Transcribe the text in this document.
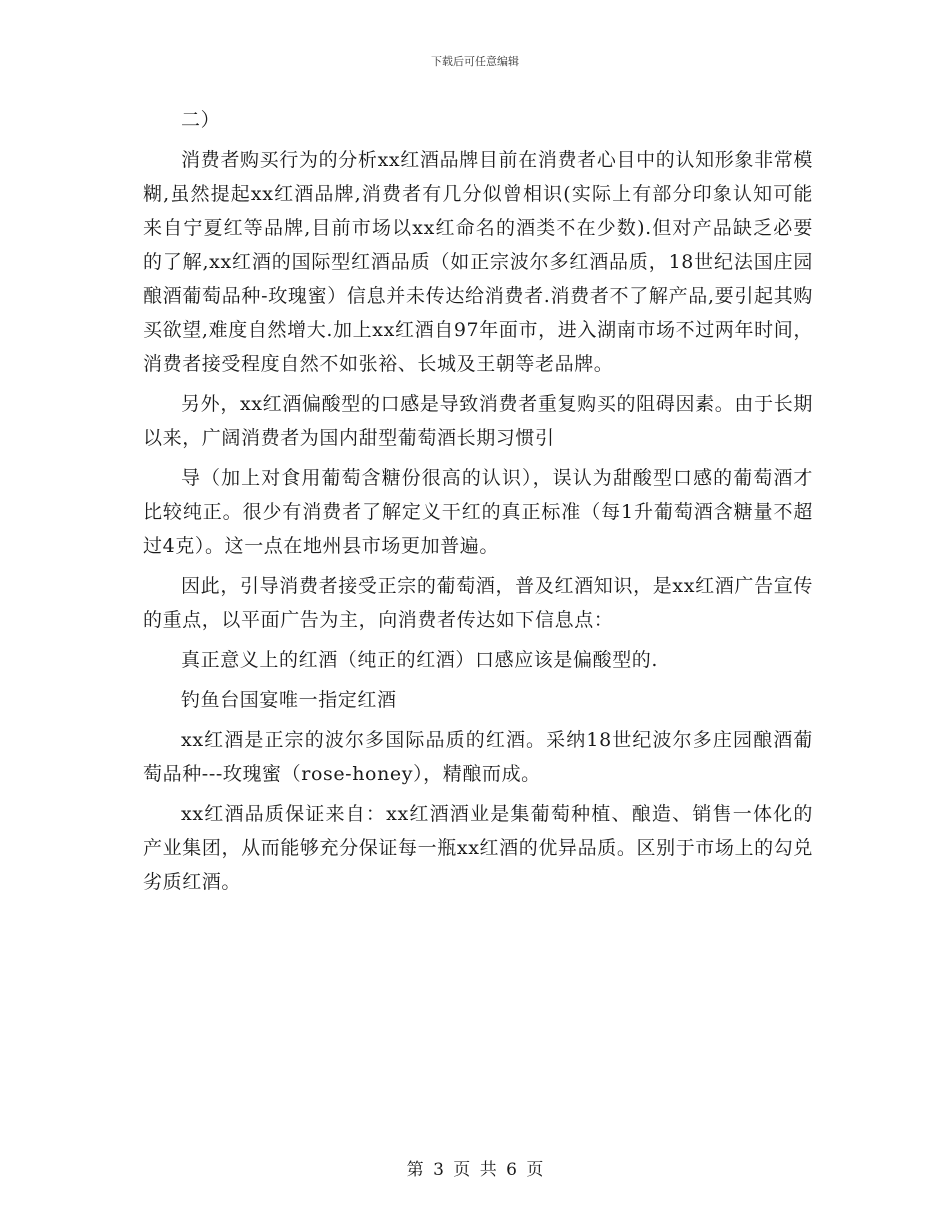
下载后可任意编辑

二）

消费者购买行为的分析xx红酒品牌目前在消费者心目中的认知形象非常模糊,虽然提起xx红酒品牌,消费者有几分似曾相识(实际上有部分印象认知可能来自宁夏红等品牌,目前市场以xx红命名的酒类不在少数).但对产品缺乏必要的了解,xx红酒的国际型红酒品质（如正宗波尔多红酒品质，18世纪法国庄园酿酒葡萄品种-玫瑰蜜）信息并未传达给消费者.消费者不了解产品,要引起其购买欲望,难度自然增大.加上xx红酒自97年面市，进入湖南市场不过两年时间，消费者接受程度自然不如张裕、长城及王朝等老品牌。

另外，xx红酒偏酸型的口感是导致消费者重复购买的阻碍因素。由于长期以来，广阔消费者为国内甜型葡萄酒长期习惯引

导（加上对食用葡萄含糖份很高的认识），误认为甜酸型口感的葡萄酒才比较纯正。很少有消费者了解定义干红的真正标准（每1升葡萄酒含糖量不超过4克）。这一点在地州县市场更加普遍。

因此，引导消费者接受正宗的葡萄酒，普及红酒知识，是xx红酒广告宣传的重点，以平面广告为主，向消费者传达如下信息点：

真正意义上的红酒（纯正的红酒）口感应该是偏酸型的.

钓鱼台国宴唯一指定红酒

xx红酒是正宗的波尔多国际品质的红酒。采纳18世纪波尔多庄园酿酒葡萄品种---玫瑰蜜（rose-honey），精酿而成。

xx红酒品质保证来自：xx红酒酒业是集葡萄种植、酿造、销售一体化的产业集团，从而能够充分保证每一瓶xx红酒的优异品质。区别于市场上的勾兑劣质红酒。

第 3 页 共 6 页
